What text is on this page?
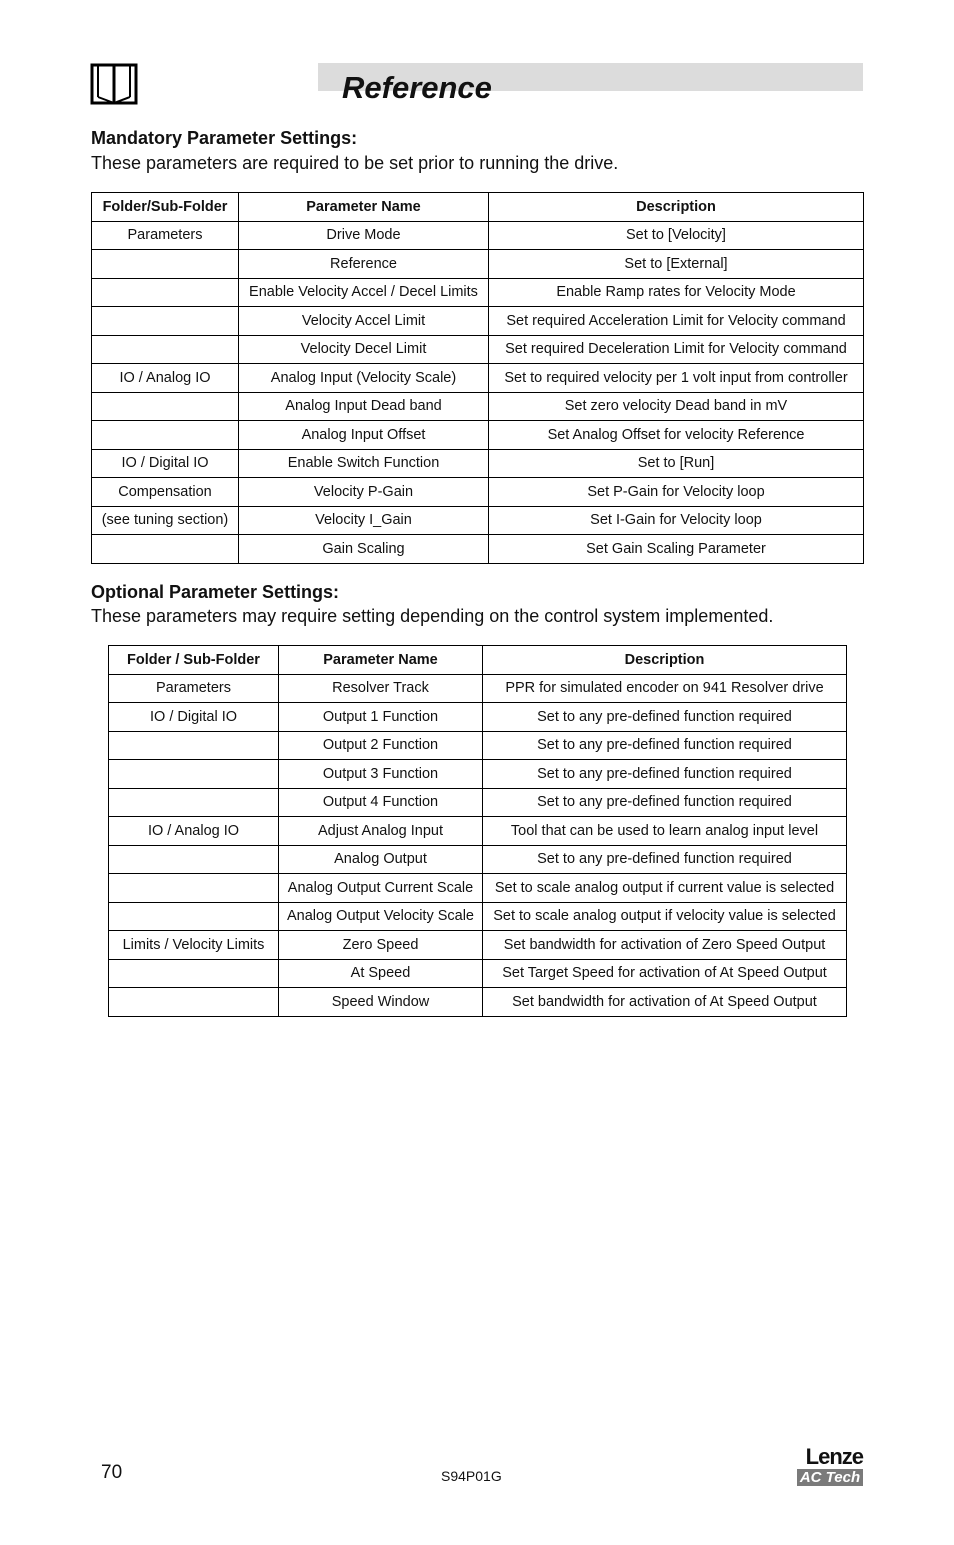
Reference

Mandatory Parameter Settings:

These parameters are required to be set prior to running the drive.

Folder/Sub-Folder	Parameter Name	Description
Parameters	Drive Mode	Set to [Velocity]
	Reference	Set to [External]
	Enable Velocity Accel / Decel Limits	Enable Ramp rates for Velocity Mode
	Velocity Accel Limit	Set required Acceleration Limit for Velocity command
	Velocity Decel Limit	Set required Deceleration Limit for Velocity command
IO / Analog IO	Analog Input (Velocity Scale)	Set to required velocity per 1 volt input from controller
	Analog Input Dead band	Set zero velocity Dead band in mV
	Analog Input Offset	Set Analog Offset for velocity Reference
IO / Digital IO	Enable Switch Function	Set to [Run]
Compensation	Velocity P-Gain	Set P-Gain for Velocity loop
(see tuning section)	Velocity I_Gain	Set I-Gain for Velocity loop
	Gain Scaling	Set Gain Scaling Parameter

Optional Parameter Settings:

These parameters may require setting depending on the control system implemented.

Folder / Sub-Folder	Parameter Name	Description
Parameters	Resolver Track	PPR for simulated encoder on 941 Resolver drive
IO / Digital IO	Output 1 Function	Set to any pre-defined function required
	Output 2 Function	Set to any pre-defined function required
	Output 3 Function	Set to any pre-defined function required
	Output 4 Function	Set to any pre-defined function required
IO / Analog IO	Adjust Analog Input	Tool that can be used to learn analog input level
	Analog Output	Set to any pre-defined function required
	Analog Output Current Scale	Set to scale analog output if current value is selected
	Analog Output Velocity Scale	Set to scale analog output if velocity value is selected
Limits / Velocity Limits	Zero Speed	Set bandwidth for activation of Zero Speed Output
	At Speed	Set Target Speed for activation of At Speed Output
	Speed Window	Set bandwidth for activation of At Speed Output

70	S94P01G

Lenze
AC Tech
